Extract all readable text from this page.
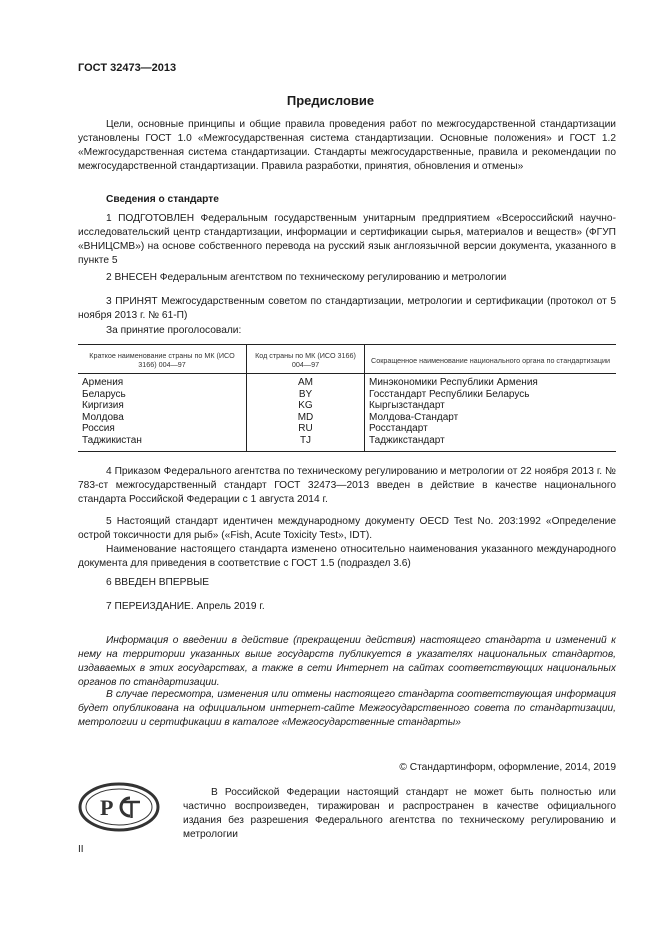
ГОСТ 32473—2013
Предисловие
Цели, основные принципы и общие правила проведения работ по межгосударственной стандартизации установлены ГОСТ 1.0 «Межгосударственная система стандартизации. Основные положения» и ГОСТ 1.2 «Межгосударственная система стандартизации. Стандарты межгосударственные, правила и рекомендации по межгосударственной стандартизации. Правила разработки, принятия, обновления и отмены»
Сведения о стандарте
1 ПОДГОТОВЛЕН Федеральным государственным унитарным предприятием «Всероссийский научно-исследовательский центр стандартизации, информации и сертификации сырья, материалов и веществ» (ФГУП «ВНИЦСМВ») на основе собственного перевода на русский язык англоязычной версии документа, указанного в пункте 5
2 ВНЕСЕН Федеральным агентством по техническому регулированию и метрологии
3 ПРИНЯТ Межгосударственным советом по стандартизации, метрологии и сертификации (протокол от 5 ноября 2013 г. № 61-П)
За принятие проголосовали:
Краткое наименование страны по МК (ИСО 3166) 004—97	Код страны по МК (ИСО 3166) 004—97	Сокращенное наименование национального органа по стандартизации
Армения	AM	Минэкономики Республики Армения
Беларусь	BY	Госстандарт Республики Беларусь
Киргизия	KG	Кыргызстандарт
Молдова	MD	Молдова-Стандарт
Россия	RU	Росстандарт
Таджикистан	TJ	Таджикстандарт
4 Приказом Федерального агентства по техническому регулированию и метрологии от 22 ноября 2013 г. № 783-ст межгосударственный стандарт ГОСТ 32473—2013 введен в действие в качестве национального стандарта Российской Федерации с 1 августа 2014 г.
5 Настоящий стандарт идентичен международному документу OECD Test No. 203:1992 «Определение острой токсичности для рыб» («Fish, Acute Toxicity Test», IDT).
Наименование настоящего стандарта изменено относительно наименования указанного международного документа для приведения в соответствие с ГОСТ 1.5 (подраздел 3.6)
6 ВВЕДЕН ВПЕРВЫЕ
7 ПЕРЕИЗДАНИЕ. Апрель 2019 г.
Информация о введении в действие (прекращении действия) настоящего стандарта и изменений к нему на территории указанных выше государств публикуется в указателях национальных стандартов, издаваемых в этих государствах, а также в сети Интернет на сайтах соответствующих национальных органов по стандартизации.
В случае пересмотра, изменения или отмены настоящего стандарта соответствующая информация будет опубликована на официальном интернет-сайте Межгосударственного совета по стандартизации, метрологии и сертификации в каталоге «Межгосударственные стандарты»
© Стандартинформ, оформление, 2014, 2019
P
В Российской Федерации настоящий стандарт не может быть полностью или частично воспроизведен, тиражирован и распространен в качестве официального издания без разрешения Федерального агентства по техническому регулированию и метрологии
II
